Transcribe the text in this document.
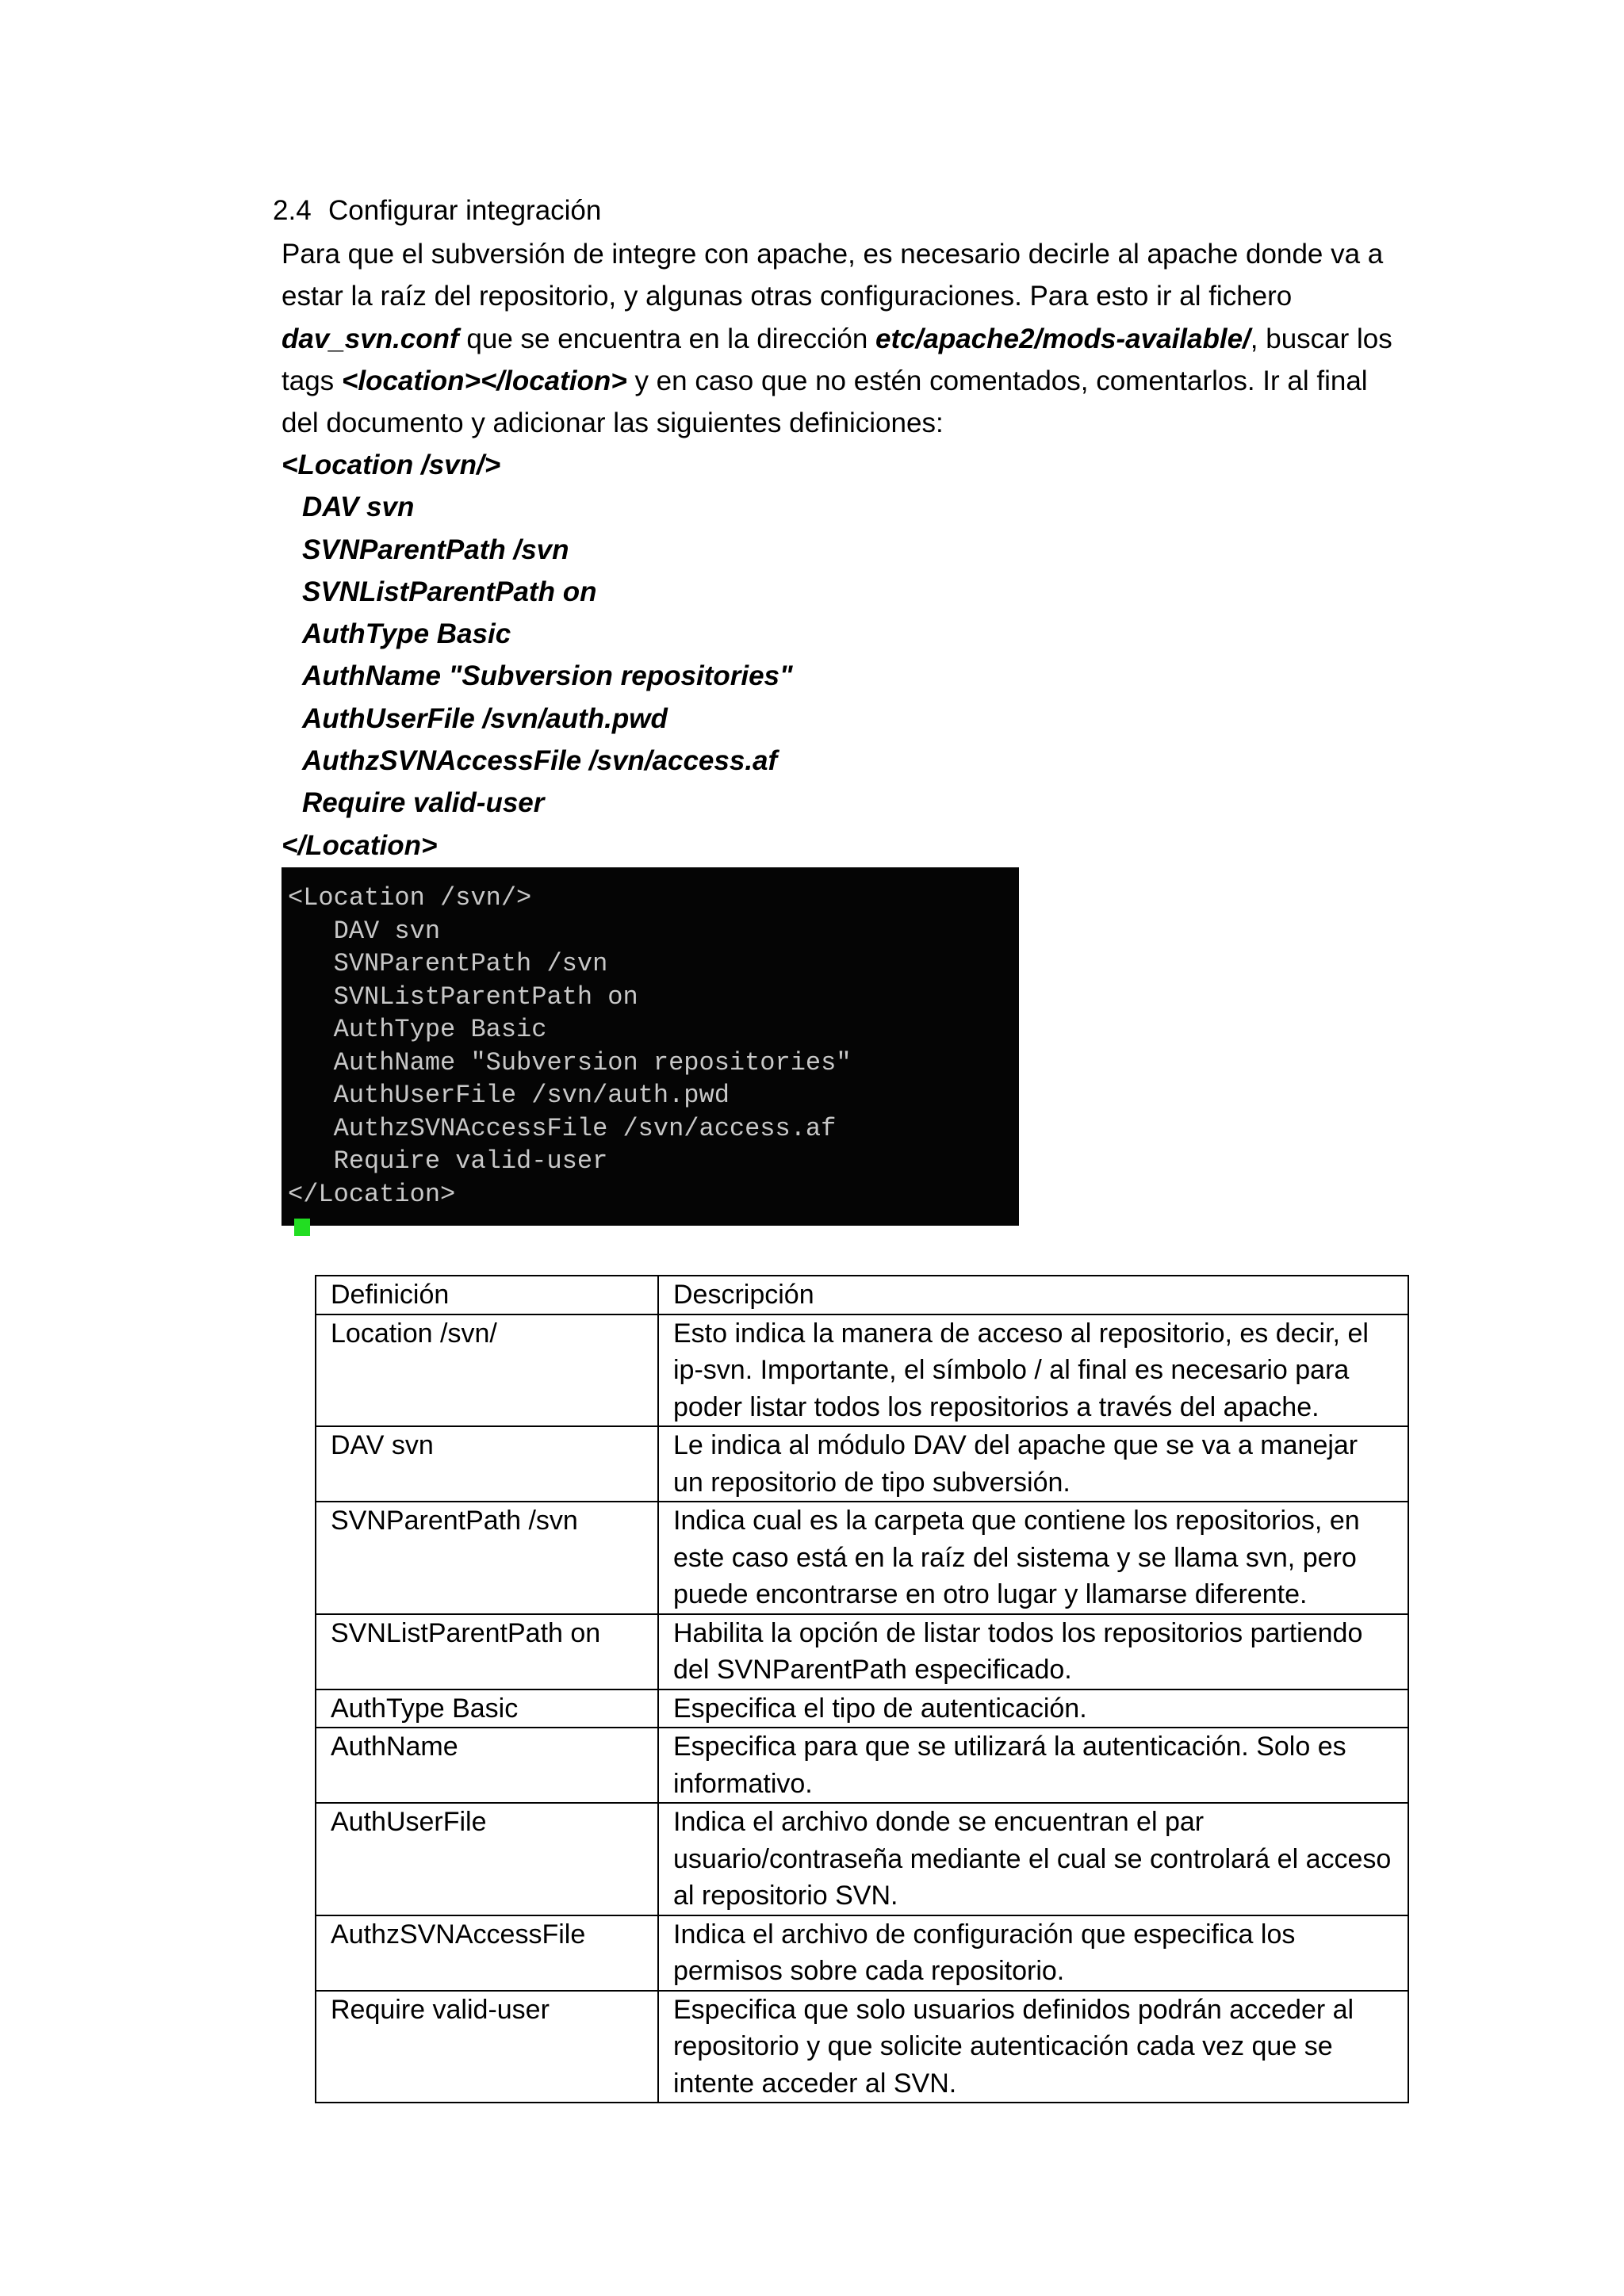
2.4 Configurar integración
Para que el subversión de integre con apache, es necesario decirle al apache donde va a estar la raíz del repositorio, y algunas otras configuraciones. Para esto ir al fichero dav_svn.conf que se encuentra en la dirección etc/apache2/mods-available/, buscar los tags <location></location> y en caso que no estén comentados, comentarlos. Ir al final del documento y adicionar las siguientes definiciones:
<Location /svn/>
DAV svn
SVNParentPath /svn
SVNListParentPath on
AuthType Basic
AuthName "Subversion repositories"
AuthUserFile /svn/auth.pwd
AuthzSVNAccessFile /svn/access.af
Require valid-user
</Location>
<Location /svn/>
DAV svn
SVNParentPath /svn
SVNListParentPath on
AuthType Basic
AuthName "Subversion repositories"
AuthUserFile /svn/auth.pwd
AuthzSVNAccessFile /svn/access.af
Require valid-user
</Location>
Definición	Descripción
Location /svn/	Esto indica la manera de acceso al repositorio, es decir, el ip-svn. Importante, el símbolo / al final es necesario para poder listar todos los repositorios a través del apache.
DAV svn	Le indica al módulo DAV del apache que se va a manejar un repositorio de tipo subversión.
SVNParentPath /svn	Indica cual es la carpeta que contiene los repositorios, en este caso está en la raíz del sistema y se llama svn, pero puede encontrarse en otro lugar y llamarse diferente.
SVNListParentPath on	Habilita la opción de listar todos los repositorios partiendo del SVNParentPath especificado.
AuthType Basic	Especifica el tipo de autenticación.
AuthName	Especifica para que se utilizará la autenticación. Solo es informativo.
AuthUserFile	Indica el archivo donde se encuentran el par usuario/contraseña mediante el cual se controlará el acceso al repositorio SVN.
AuthzSVNAccessFile	Indica el archivo de configuración que especifica los permisos sobre cada repositorio.
Require valid-user	Especifica que solo usuarios definidos podrán acceder al repositorio y que solicite autenticación cada vez que se intente acceder al SVN.
